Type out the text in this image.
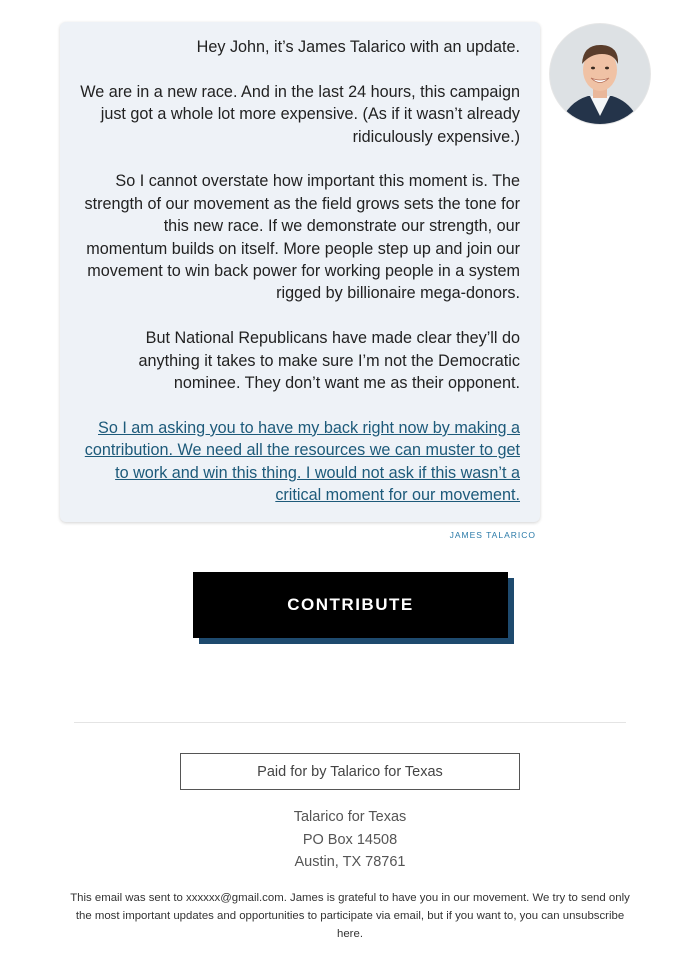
Hey John, it’s James Talarico with an update.

We are in a new race. And in the last 24 hours, this campaign just got a whole lot more expensive. (As if it wasn’t already ridiculously expensive.)

So I cannot overstate how important this moment is. The strength of our movement as the field grows sets the tone for this new race. If we demonstrate our strength, our momentum builds on itself. More people step up and join our movement to win back power for working people in a system rigged by billionaire mega-donors.

But National Republicans have made clear they’ll do anything it takes to make sure I’m not the Democratic nominee. They don’t want me as their opponent.

So I am asking you to have my back right now by making a contribution. We need all the resources we can muster to get to work and win this thing. I would not ask if this wasn’t a critical moment for our movement.

JAMES TALARICO
CONTRIBUTE
Paid for by Talarico for Texas
Talarico for Texas
PO Box 14508
Austin, TX 78761
This email was sent to xxxxxx@gmail.com. James is grateful to have you in our movement. We try to send only the most important updates and opportunities to participate via email, but if you want to, you can unsubscribe here.
